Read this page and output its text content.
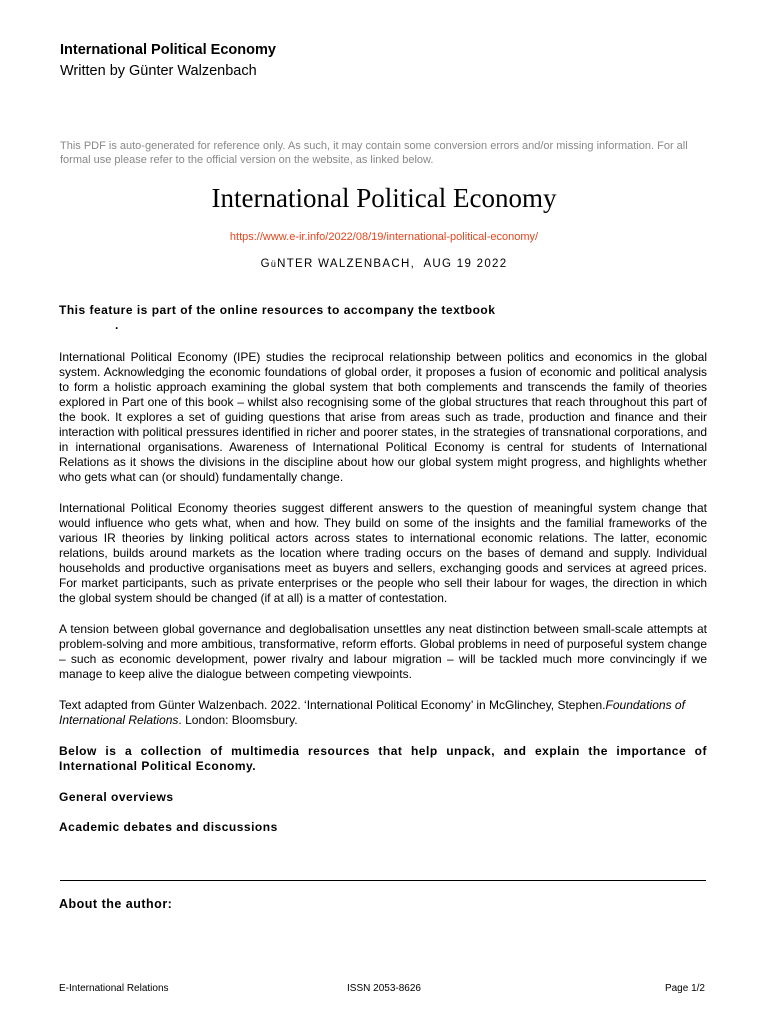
International Political Economy
Written by Günter Walzenbach
This PDF is auto-generated for reference only. As such, it may contain some conversion errors and/or missing information. For all formal use please refer to the official version on the website, as linked below.
International Political Economy
https://www.e-ir.info/2022/08/19/international-political-economy/
GüNTER WALZENBACH, AUG 19 2022
This feature is part of the online resources to accompany the textbook
.

International Political Economy (IPE) studies the reciprocal relationship between politics and economics in the global system. Acknowledging the economic foundations of global order, it proposes a fusion of economic and political analysis to form a holistic approach examining the global system that both complements and transcends the family of theories explored in Part one of this book – whilst also recognising some of the global structures that reach throughout this part of the book. It explores a set of guiding questions that arise from areas such as trade, production and finance and their interaction with political pressures identified in richer and poorer states, in the strategies of transnational corporations, and in international organisations. Awareness of International Political Economy is central for students of International Relations as it shows the divisions in the discipline about how our global system might progress, and highlights whether who gets what can (or should) fundamentally change.

International Political Economy theories suggest different answers to the question of meaningful system change that would influence who gets what, when and how. They build on some of the insights and the familial frameworks of the various IR theories by linking political actors across states to international economic relations. The latter, economic relations, builds around markets as the location where trading occurs on the bases of demand and supply. Individual households and productive organisations meet as buyers and sellers, exchanging goods and services at agreed prices. For market participants, such as private enterprises or the people who sell their labour for wages, the direction in which the global system should be changed (if at all) is a matter of contestation.

A tension between global governance and deglobalisation unsettles any neat distinction between small-scale attempts at problem-solving and more ambitious, transformative, reform efforts. Global problems in need of purposeful system change – such as economic development, power rivalry and labour migration – will be tackled much more convincingly if we manage to keep alive the dialogue between competing viewpoints.

Text adapted from Günter Walzenbach. 2022. ‘International Political Economy’ in McGlinchey, Stephen.Foundations of International Relations. London: Bloomsbury.

Below is a collection of multimedia resources that help unpack, and explain the importance of International Political Economy.

General overviews
Academic debates and discussions
About the author:
E-International Relations	ISSN 2053-8626	Page 1/2
